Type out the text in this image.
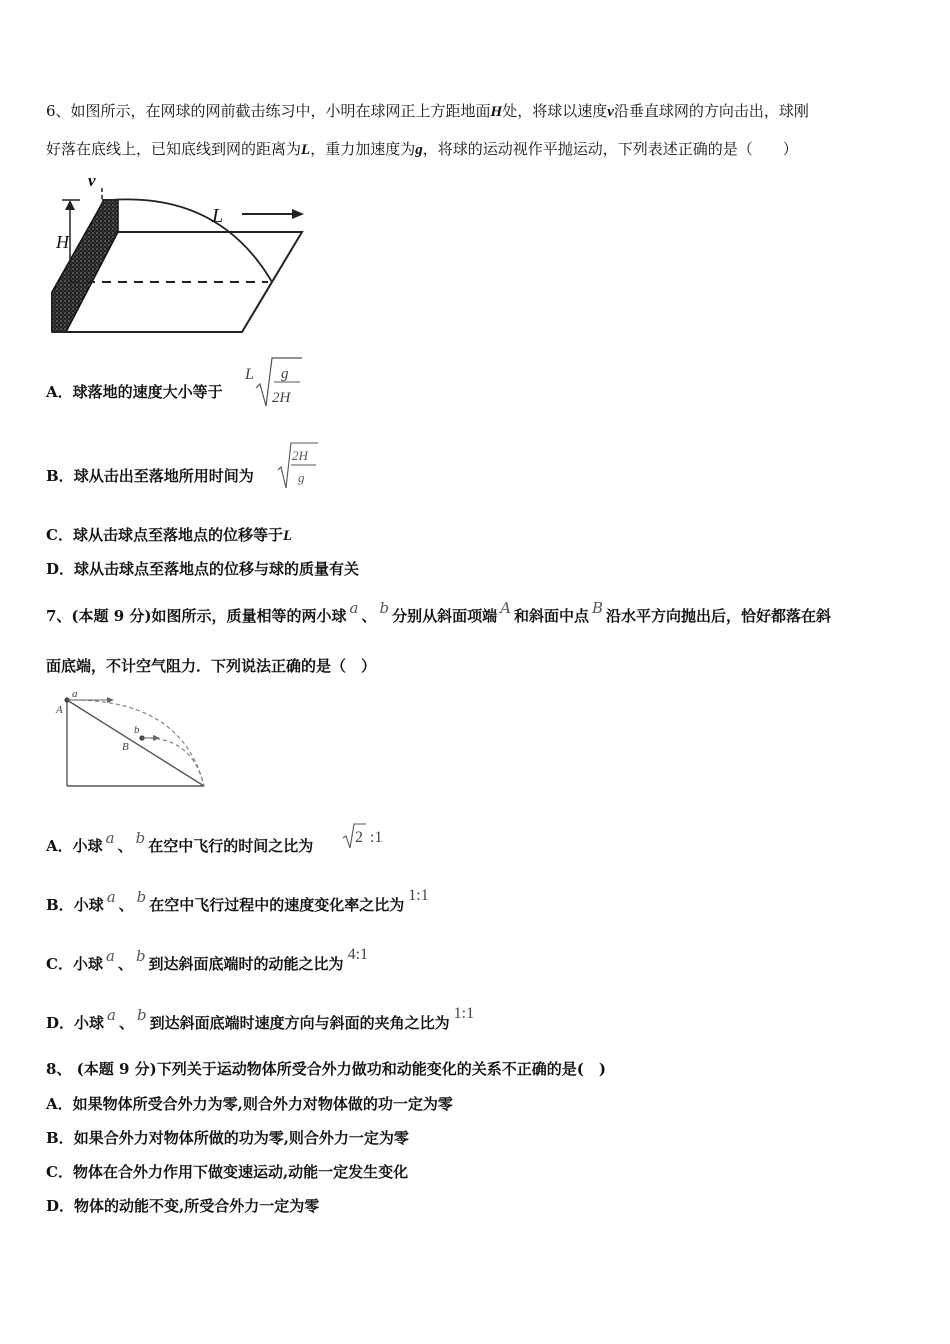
6、如图所示，在网球的网前截击练习中，小明在球网正上方距地面H处，将球以速度v沿垂直球网的方向击出，球刚
好落在底线上，已知底线到网的距离为L，重力加速度为g，将球的运动视作平抛运动，下列表述正确的是（　　）
v
H
L
A．球落地的速度大小等于
L g
2H
B．球从击出至落地所用时间为
2H
g
C．球从击球点至落地点的位移等于L
D．球从击球点至落地点的位移与球的质量有关
7、(本题 9 分)如图所示，质量相等的两小球 a 、 b 分别从斜面项端 A 和斜面中点 B 沿水平方向抛出后，恰好都落在斜
面底端，不计空气阻力．下列说法正确的是（　）
a
A
b
B
A．小球 a 、 b 在空中飞行的时间之比为	2 :1
B．小球 a 、 b 在空中飞行过程中的速度变化率之比为1:1
C．小球 a 、 b 到达斜面底端时的动能之比为4:1
D．小球 a 、 b 到达斜面底端时速度方向与斜面的夹角之比为1:1
8、 (本题 9 分)下列关于运动物体所受合外力做功和动能变化的关系不正确的是(　)
A．如果物体所受合外力为零,则合外力对物体做的功一定为零
B．如果合外力对物体所做的功为零,则合外力一定为零
C．物体在合外力作用下做变速运动,动能一定发生变化
D．物体的动能不变,所受合外力一定为零
